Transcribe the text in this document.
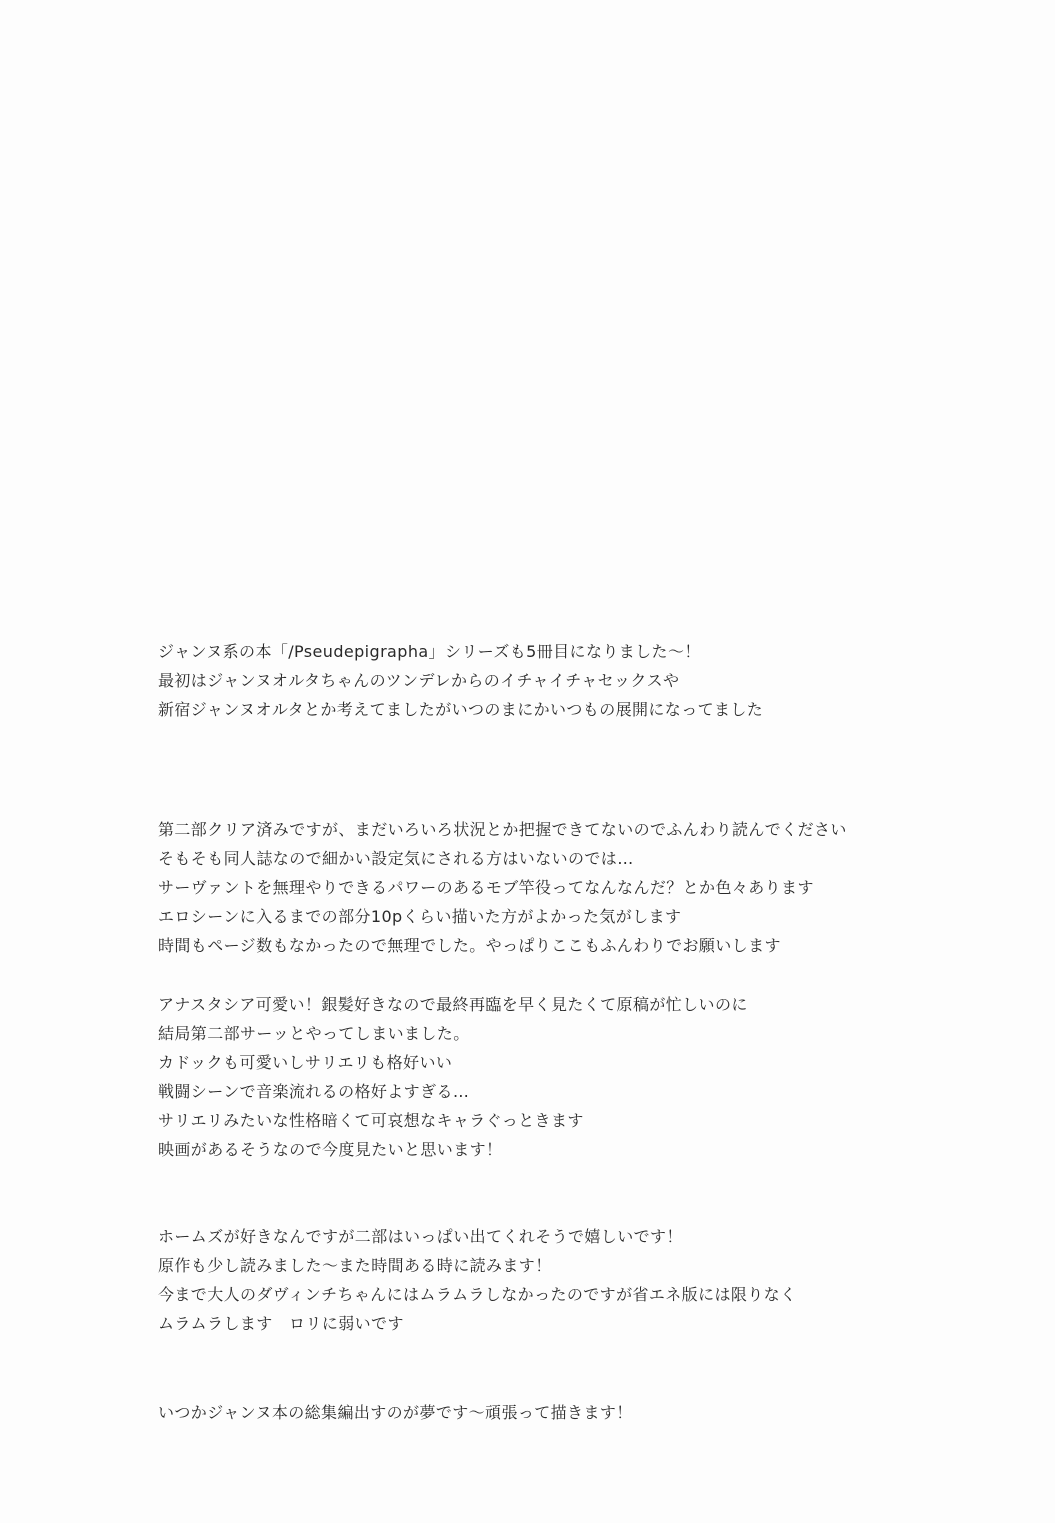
ジャンヌ系の本「/Pseudepigrapha」シリーズも5冊目になりました〜！
最初はジャンヌオルタちゃんのツンデレからのイチャイチャセックスや
新宿ジャンヌオルタとか考えてましたがいつのまにかいつもの展開になってました
第二部クリア済みですが、まだいろいろ状況とか把握できてないのでふんわり読んでください
そもそも同人誌なので細かい設定気にされる方はいないのでは…
サーヴァントを無理やりできるパワーのあるモブ竿役ってなんなんだ？とか色々あります
エロシーンに入るまでの部分10pくらい描いた方がよかった気がします
時間もページ数もなかったので無理でした。やっぱりここもふんわりでお願いします
アナスタシア可愛い！銀髪好きなので最終再臨を早く見たくて原稿が忙しいのに
結局第二部サーッとやってしまいました。
カドックも可愛いしサリエリも格好いい
戦闘シーンで音楽流れるの格好よすぎる…
サリエリみたいな性格暗くて可哀想なキャラぐっときます
映画があるそうなので今度見たいと思います！
ホームズが好きなんですが二部はいっぱい出てくれそうで嬉しいです！
原作も少し読みました〜また時間ある時に読みます！
今まで大人のダヴィンチちゃんにはムラムラしなかったのですが省エネ版には限りなく
ムラムラします　ロリに弱いです
いつかジャンヌ本の総集編出すのが夢です〜頑張って描きます！
